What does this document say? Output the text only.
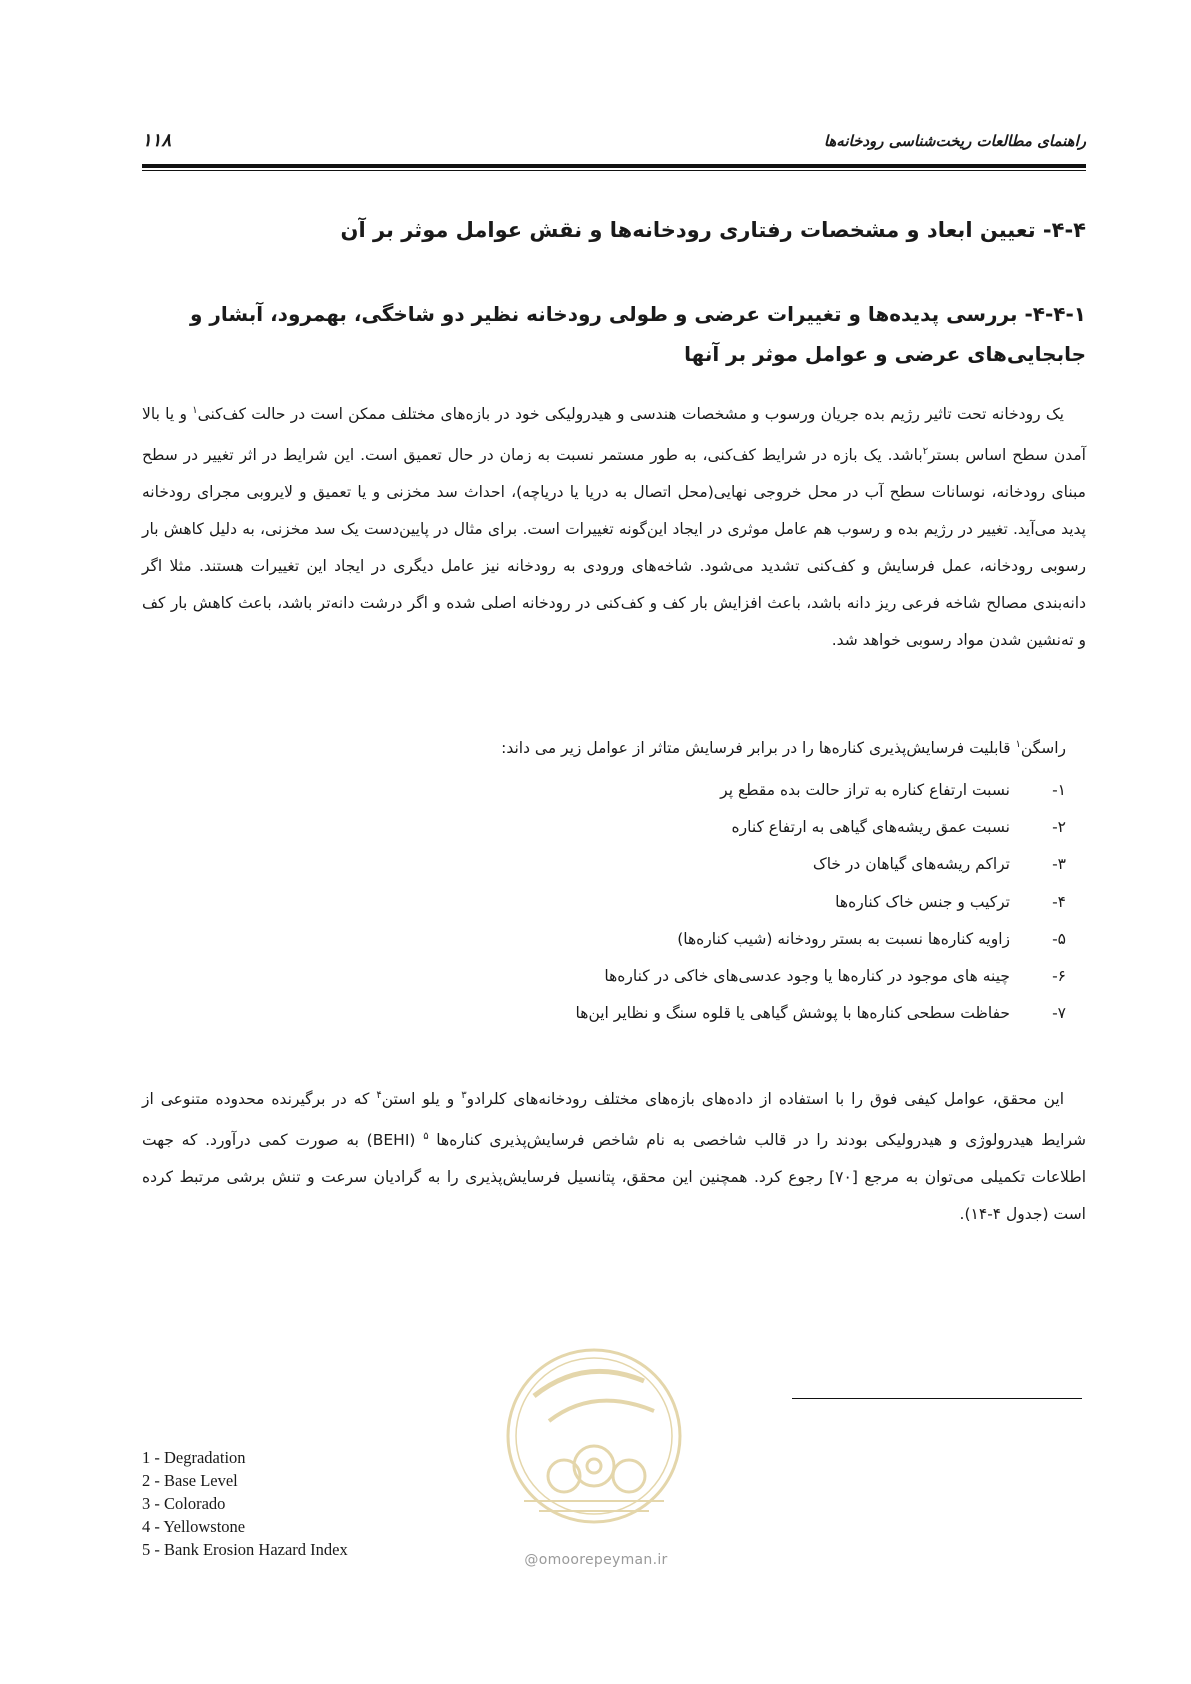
راهنمای مطالعات ریخت‌شناسی رودخانه‌ها
۱۱۸
۴-۴- تعیین ابعاد و مشخصات رفتاری رودخانه‌ها و نقش عوامل موثر بر آن
۴-۴-۱- بررسی پدیده‌ها و تغییرات عرضی و طولی رودخانه نظیر دو شاخگی، بهمرود، آبشار و جابجایی‌های عرضی و عوامل موثر بر آنها
یک رودخانه تحت تاثیر رژیم بده جریان ورسوب و مشخصات هندسی و هیدرولیکی خود در بازه‌های مختلف ممکن است در حالت کف‌کنی$^۱$ و یا بالا آمدن سطح اساس بستر$^۲$باشد. یک بازه در شرایط کف‌کنی، به طور مستمر نسبت به زمان در حال تعمیق است. این شرایط در اثر تغییر در سطح مبنای رودخانه، نوسانات سطح آب در محل خروجی نهایی(محل اتصال به دریا یا دریاچه)، احداث سد مخزنی و یا تعمیق و لایروبی مجرای رودخانه پدید می‌آید. تغییر در رژیم بده و رسوب هم عامل موثری در ایجاد این‌گونه تغییرات است. برای مثال در پایین‌دست یک سد مخزنی، به دلیل کاهش بار رسوبی رودخانه، عمل فرسایش و کف‌کنی تشدید می‌شود. شاخه‌های ورودی به رودخانه نیز عامل دیگری در ایجاد این تغییرات هستند. مثلا اگر دانه‌بندی مصالح شاخه فرعی ریز دانه باشد، باعث افزایش بار کف و کف‌کنی در رودخانه اصلی شده و اگر درشت دانه‌تر باشد، باعث کاهش بار کف و ته‌نشین شدن مواد رسوبی خواهد شد.
راسگن$^۱$ قابلیت فرسایش‌پذیری کناره‌ها را در برابر فرسایش متاثر از عوامل زیر می داند:
۱-
نسبت ارتفاع کناره به تراز حالت بده مقطع پر
۲-
نسبت عمق ریشه‌های گیاهی به ارتفاع کناره
۳-
تراکم ریشه‌های گیاهان در خاک
۴-
ترکیب و جنس خاک کناره‌ها
۵-
زاویه کناره‌ها نسبت به بستر رودخانه (شیب کناره‌ها)
۶-
چینه های موجود در کناره‌ها یا وجود عدسی‌های خاکی در کناره‌ها
۷-
حفاظت سطحی کناره‌ها با پوشش گیاهی یا قلوه سنگ و نظایر این‌ها
این محقق، عوامل کیفی فوق را با استفاده از داده‌های بازه‌های مختلف رودخانه‌های کلرادو$^۳$ و یلو استن$^۴$ که در برگیرنده محدوده متنوعی از شرایط هیدرولوژی و هیدرولیکی بودند را در قالب شاخصی به نام شاخص فرسایش‌پذیری کناره‌ها $^۵$ (BEHI) به صورت کمی درآورد. که جهت اطلاعات تکمیلی می‌توان به مرجع [۷۰] رجوع کرد. همچنین این محقق، پتانسیل فرسایش‌پذیری را به گرادیان سرعت و تنش برشی مرتبط کرده است (جدول ۴-۱۴).
@omoorepeyman.ir
1 - Degradation
2 - Base Level
3 - Colorado
4 - Yellowstone
5 - Bank Erosion Hazard Index
